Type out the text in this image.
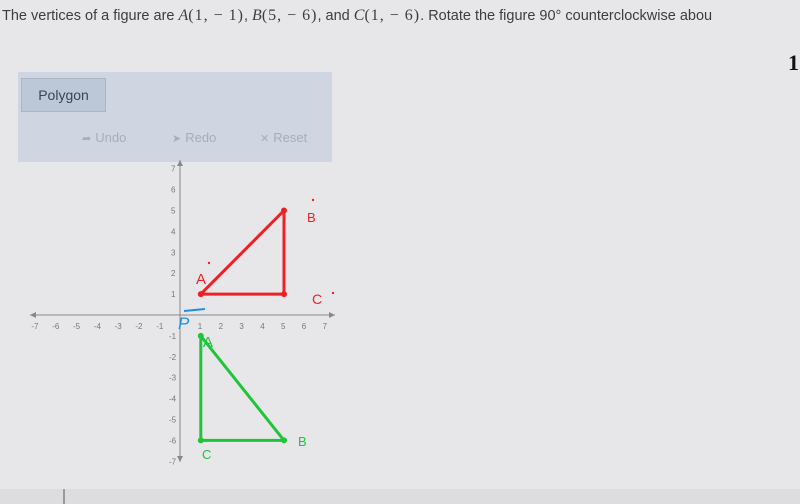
The vertices of a figure are A(1, − 1), B(5, − 6), and C(1, − 6). Rotate the figure 90° counterclockwise abou
1
Polygon
➦ Undo	➤ Redo	✕ Reset
-7 -6 -5 -4 -3 -2 -1	1 2 3 4 5 6 7
7
6
5
4
3
2
1
-1
-2
-3
-4
-5
-6
-7
A
B
C
A
B
C
P
